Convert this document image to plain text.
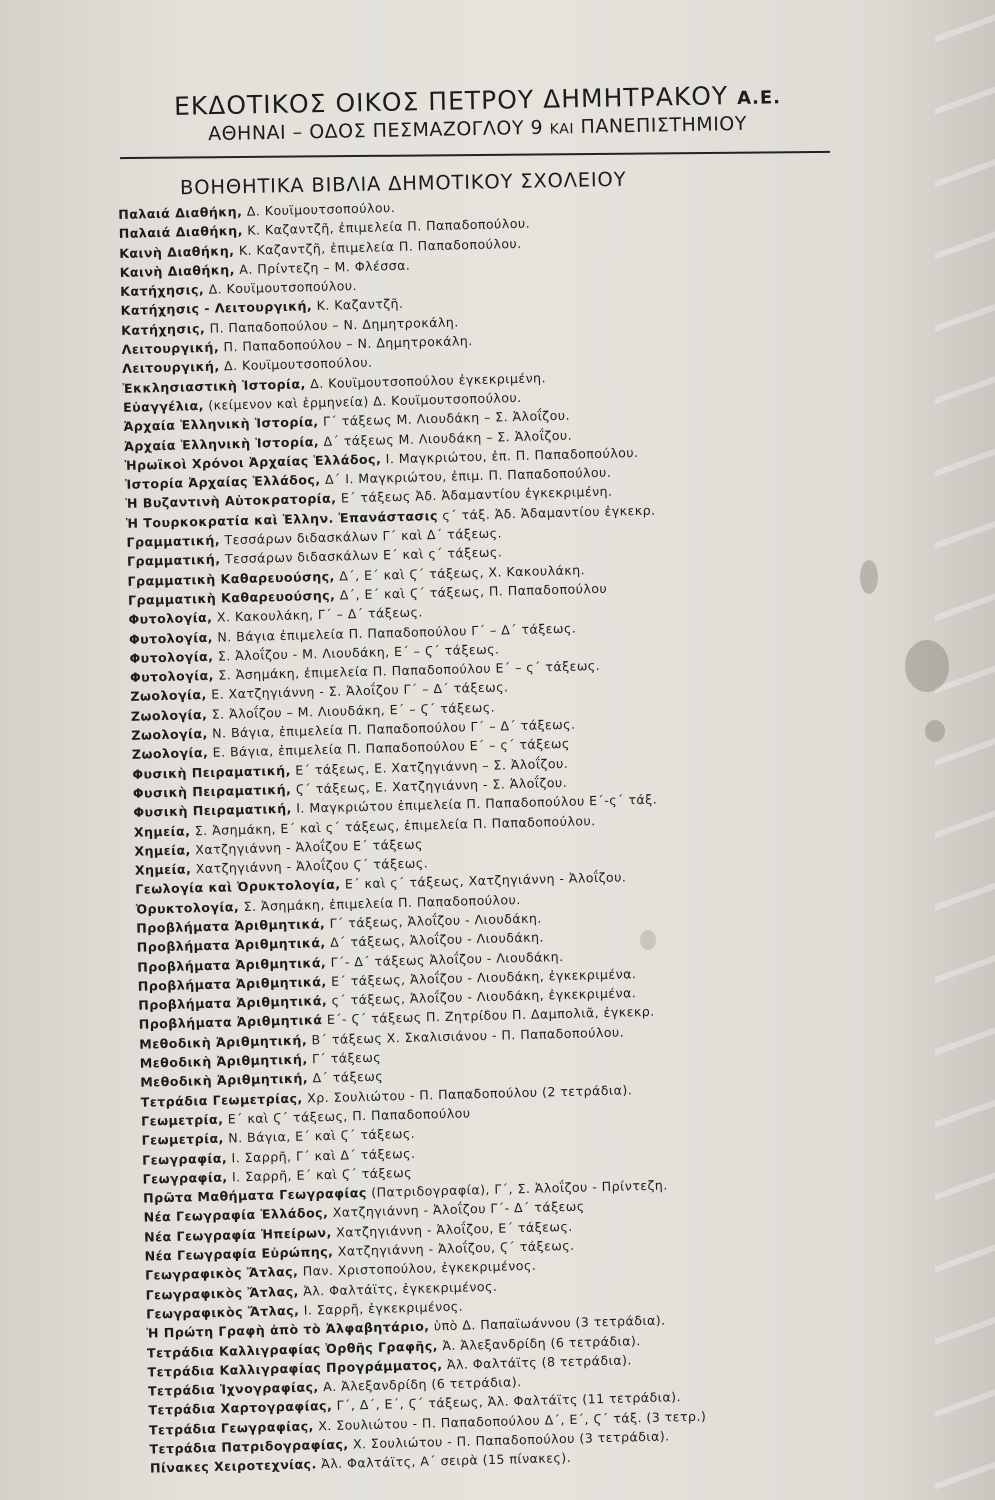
ΕΚΔΟΤΙΚΟΣ ΟΙΚΟΣ ΠΕΤΡΟΥ ΔΗΜΗΤΡΑΚΟΥ Α.Ε.
ΑΘΗΝΑΙ – ΟΔΟΣ ΠΕΣΜΑΖΟΓΛΟΥ 9 ΚΑΙ ΠΑΝΕΠΙΣΤΗΜΙΟΥ
ΒΟΗΘΗΤΙΚΑ ΒΙΒΛΙΑ ΔΗΜΟΤΙΚΟΥ ΣΧΟΛΕΙΟΥ
Παλαιά Διαθήκη, Δ. Κουϊμουτσοπούλου.
Παλαιά Διαθήκη, Κ. Καζαντζῆ, ἐπιμελεία Π. Παπαδοπούλου.
Καινὴ Διαθήκη, Κ. Καζαντζῆ, ἐπιμελεία Π. Παπαδοπούλου.
Καινὴ Διαθήκη, Α. Πρίντεζη – Μ. Φλέσσα.
Κατήχησις, Δ. Κουϊμουτσοπούλου.
Κατήχησις - Λειτουργική, Κ. Καζαντζῆ.
Κατήχησις, Π. Παπαδοπούλου – Ν. Δημητροκάλη.
Λειτουργική, Π. Παπαδοπούλου – Ν. Δημητροκάλη.
Λειτουργική, Δ. Κουϊμουτσοπούλου.
Ἐκκλησιαστικὴ Ἱστορία, Δ. Κουϊμουτσοπούλου ἐγκεκριμένη.
Εὐαγγέλια, (κείμενον καὶ ἑρμηνεία) Δ. Κουϊμουτσοπούλου.
Ἀρχαία Ἑλληνικὴ Ἱστορία, Γ΄ τάξεως Μ. Λιουδάκη – Σ. Ἀλοΐζου.
Ἀρχαία Ἑλληνικὴ Ἱστορία, Δ΄ τάξεως Μ. Λιουδάκη – Σ. Ἀλοΐζου.
Ἡρωϊκοὶ Χρόνοι Ἀρχαίας Ἑλλάδος, Ι. Μαγκριώτου, ἐπ. Π. Παπαδοπούλου.
Ἱστορία Ἀρχαίας Ἑλλάδος, Δ΄ Ι. Μαγκριώτου, ἐπιμ. Π. Παπαδοπούλου.
Ἡ Βυζαντινὴ Αὐτοκρατορία, Ε΄ τάξεως Ἀδ. Ἀδαμαντίου ἐγκεκριμένη.
Ἡ Τουρκοκρατία καὶ Ἑλλην. Ἐπανάστασις ς΄ τάξ. Ἀδ. Ἀδαμαντίου ἐγκεκρ.
Γραμματική, Τεσσάρων διδασκάλων Γ΄ καὶ Δ΄ τάξεως.
Γραμματική, Τεσσάρων διδασκάλων Ε΄ καὶ ς΄ τάξεως.
Γραμματικὴ Καθαρευούσης, Δ΄, Ε΄ καὶ Ϛ΄ τάξεως, Χ. Κακουλάκη.
Γραμματικὴ Καθαρευούσης, Δ΄, Ε΄ καὶ Ϛ΄ τάξεως, Π. Παπαδοπούλου
Φυτολογία, Χ. Κακουλάκη, Γ΄ – Δ΄ τάξεως.
Φυτολογία, Ν. Βάγια ἐπιμελεία Π. Παπαδοπούλου Γ΄ – Δ΄ τάξεως.
Φυτολογία, Σ. Ἀλοΐζου - Μ. Λιουδάκη, Ε΄ – Ϛ΄ τάξεως.
Φυτολογία, Σ. Ἀσημάκη, ἐπιμελεία Π. Παπαδοπούλου Ε΄ – ς΄ τάξεως.
Ζωολογία, Ε. Χατζηγιάννη - Σ. Ἀλοΐζου Γ΄ – Δ΄ τάξεως.
Ζωολογία, Σ. Ἀλοΐζου – Μ. Λιουδάκη, Ε΄ – Ϛ΄ τάξεως.
Ζωολογία, Ν. Βάγια, ἐπιμελεία Π. Παπαδοπούλου Γ΄ – Δ΄ τάξεως.
Ζωολογία, Ε. Βάγια, ἐπιμελεία Π. Παπαδοπούλου Ε΄ – ς΄ τάξεως
Φυσικὴ Πειραματική, Ε΄ τάξεως, Ε. Χατζηγιάννη – Σ. Ἀλοΐζου.
Φυσικὴ Πειραματική, Ϛ΄ τάξεως, Ε. Χατζηγιάννη - Σ. Ἀλοΐζου.
Φυσικὴ Πειραματική, Ι. Μαγκριώτου ἐπιμελεία Π. Παπαδοπούλου Ε΄-ς΄ τάξ.
Χημεία, Σ. Ἀσημάκη, Ε΄ καὶ ς΄ τάξεως, ἐπιμελεία Π. Παπαδοπούλου.
Χημεία, Χατζηγιάννη - Ἀλοΐζου Ε΄ τάξεως
Χημεία, Χατζηγιάννη - Ἀλοΐζου Ϛ΄ τάξεως.
Γεωλογία καὶ Ὀρυκτολογία, Ε΄ καὶ ς΄ τάξεως, Χατζηγιάννη - Ἀλοΐζου.
Ὀρυκτολογία, Σ. Ἀσημάκη, ἐπιμελεία Π. Παπαδοπούλου.
Προβλήματα Ἀριθμητικά, Γ΄ τάξεως, Ἀλοΐζου - Λιουδάκη.
Προβλήματα Ἀριθμητικά, Δ΄ τάξεως, Ἀλοΐζου - Λιουδάκη.
Προβλήματα Ἀριθμητικά, Γ΄- Δ΄ τάξεως Ἀλοΐζου - Λιουδάκη.
Προβλήματα Ἀριθμητικά, Ε΄ τάξεως, Ἀλοΐζου - Λιουδάκη, ἐγκεκριμένα.
Προβλήματα Ἀριθμητικά, ς΄ τάξεως, Ἀλοΐζου - Λιουδάκη, ἐγκεκριμένα.
Προβλήματα Ἀριθμητικά Ε΄- Ϛ΄ τάξεως Π. Ζητρίδου Π. Δαμπολιᾶ, ἐγκεκρ.
Μεθοδικὴ Ἀριθμητική, Β΄ τάξεως Χ. Σκαλισιάνου - Π. Παπαδοπούλου.
Μεθοδικὴ Ἀριθμητική, Γ΄ τάξεως
Μεθοδικὴ Ἀριθμητική, Δ΄ τάξεως
Τετράδια Γεωμετρίας, Χρ. Σουλιώτου - Π. Παπαδοπούλου (2 τετράδια).
Γεωμετρία, Ε΄ καὶ Ϛ΄ τάξεως, Π. Παπαδοπούλου
Γεωμετρία, Ν. Βάγια, Ε΄ καὶ Ϛ΄ τάξεως.
Γεωγραφία, Ι. Σαρρῆ, Γ΄ καὶ Δ΄ τάξεως.
Γεωγραφία, Ι. Σαρρῆ, Ε΄ καὶ Ϛ΄ τάξεως
Πρῶτα Μαθήματα Γεωγραφίας (Πατριδογραφία), Γ΄, Σ. Ἀλοΐζου - Πρίντεζη.
Νέα Γεωγραφία Ἑλλάδος, Χατζηγιάννη - Ἀλοΐζου Γ΄- Δ΄ τάξεως
Νέα Γεωγραφία Ἠπείρων, Χατζηγιάννη - Ἀλοΐζου, Ε΄ τάξεως.
Νέα Γεωγραφία Εὐρώπης, Χατζηγιάννη - Ἀλοΐζου, Ϛ΄ τάξεως.
Γεωγραφικὸς Ἄτλας, Παν. Χριστοπούλου, ἐγκεκριμένος.
Γεωγραφικὸς Ἄτλας, Ἀλ. Φαλτάϊτς, ἐγκεκριμένος.
Γεωγραφικὸς Ἄτλας, Ι. Σαρρῆ, ἐγκεκριμένος.
Ἡ Πρώτη Γραφὴ ἀπὸ τὸ Ἀλφαβητάριο, ὑπὸ Δ. Παπαϊωάννου (3 τετράδια).
Τετράδια Καλλιγραφίας Ὀρθῆς Γραφῆς, Ἀ. Ἀλεξανδρίδη (6 τετράδια).
Τετράδια Καλλιγραφίας Προγράμματος, Ἀλ. Φαλτάϊτς (8 τετράδια).
Τετράδια Ἰχνογραφίας, Α. Ἀλεξανδρίδη (6 τετράδια).
Τετράδια Χαρτογραφίας, Γ΄, Δ΄, Ε΄, Ϛ΄ τάξεως, Ἀλ. Φαλτάϊτς (11 τετράδια).
Τετράδια Γεωγραφίας, Χ. Σουλιώτου - Π. Παπαδοπούλου Δ΄, Ε΄, Ϛ΄ τάξ. (3 τετρ.)
Τετράδια Πατριδογραφίας, Χ. Σουλιώτου - Π. Παπαδοπούλου (3 τετράδια).
Πίνακες Χειροτεχνίας. Ἀλ. Φαλτάϊτς, Α΄ σειρὰ (15 πίνακες).
